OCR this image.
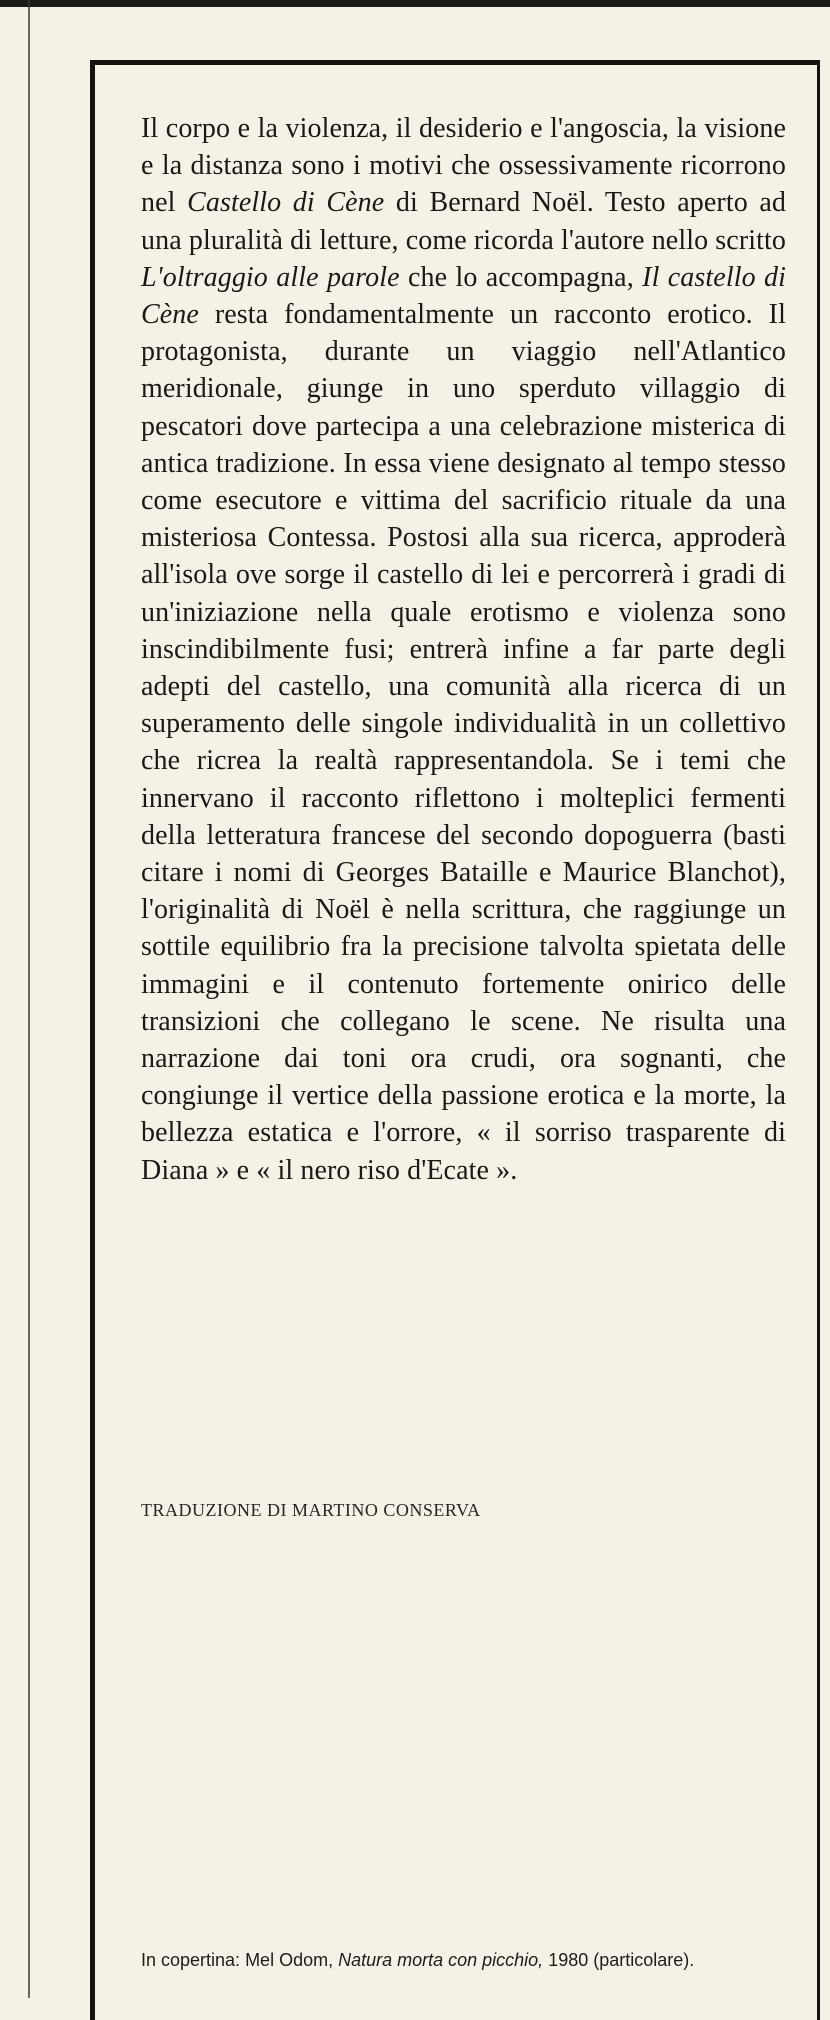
Il corpo e la violenza, il desiderio e l'angoscia, la visione e la distanza sono i motivi che ossessivamente ricorrono nel Castello di Cène di Bernard Noël. Testo aperto ad una pluralità di letture, come ricorda l'autore nello scritto L'oltraggio alle parole che lo accompagna, Il castello di Cène resta fondamentalmente un racconto erotico. Il protagonista, durante un viaggio nell'Atlantico meridionale, giunge in uno sperduto villaggio di pescatori dove partecipa a una celebrazione misterica di antica tradizione. In essa viene designato al tempo stesso come esecutore e vittima del sacrificio rituale da una misteriosa Contessa. Postosi alla sua ricerca, approderà all'isola ove sorge il castello di lei e percorrerà i gradi di un'iniziazione nella quale erotismo e violenza sono inscindibilmente fusi; entrerà infine a far parte degli adepti del castello, una comunità alla ricerca di un superamento delle singole individualità in un collettivo che ricrea la realtà rappresentandola. Se i temi che innervano il racconto riflettono i molteplici fermenti della letteratura francese del secondo dopoguerra (basti citare i nomi di Georges Bataille e Maurice Blanchot), l'originalità di Noël è nella scrittura, che raggiunge un sottile equilibrio fra la precisione talvolta spietata delle immagini e il contenuto fortemente onirico delle transizioni che collegano le scene. Ne risulta una narrazione dai toni ora crudi, ora sognanti, che congiunge il vertice della passione erotica e la morte, la bellezza estatica e l'orrore, « il sorriso trasparente di Diana » e « il nero riso d'Ecate ».

TRADUZIONE DI MARTINO CONSERVA

In copertina: Mel Odom, Natura morta con picchio, 1980 (particolare).
